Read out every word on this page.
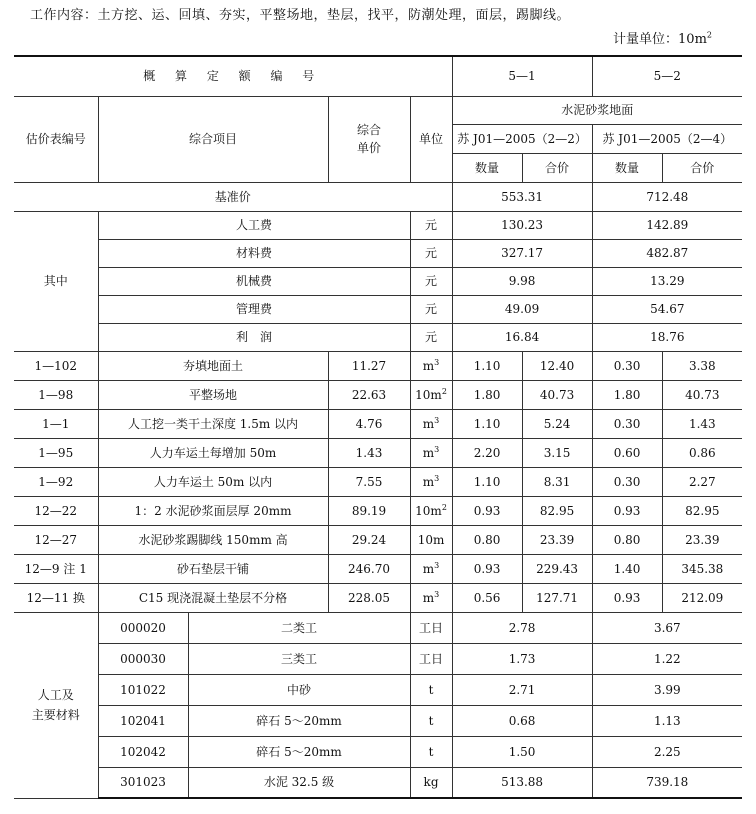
工作内容：土方挖、运、回填、夯实，平整场地，垫层，找平，防潮处理，面层，踢脚线。
计量单位：$10m^2$
概 算 定 额 编 号					5—1		5—2	
估价表编号	综合项目		综合单价	单位	水泥砂浆地面			
					苏 J01—2005（2—2）		苏 J01—2005（2—4）	
					数量	合价	数量	合价
基准价					553.31		712.48	
其中	人工费			元	130.23		142.89	
	材料费			元	327.17		482.87	
	机械费			元	9.98		13.29	
	管理费			元	49.09		54.67	
	利　润			元	16.84		18.76	
1—102	夯填地面土		11.27	$m^3$	1.10	12.40	0.30	3.38
1—98	平整场地		22.63	$10m^2$	1.80	40.73	1.80	40.73
1—1	人工挖一类干土深度 1.5m 以内		4.76	$m^3$	1.10	5.24	0.30	1.43
1—95	人力车运土每增加 50m		1.43	$m^3$	2.20	3.15	0.60	0.86
1—92	人力车运土 50m 以内		7.55	$m^3$	1.10	8.31	0.30	2.27
12—22	1：2 水泥砂浆面层厚 20mm		89.19	$10m^2$	0.93	82.95	0.93	82.95
12—27	水泥砂浆踢脚线 150mm 高		29.24	10m	0.80	23.39	0.80	23.39
12—9 注 1	砂石垫层干铺		246.70	$m^3$	0.93	229.43	1.40	345.38
12—11 换	C15 现浇混凝土垫层不分格		228.05	$m^3$	0.56	127.71	0.93	212.09

人工及
主要材料	000020	二类工		工日	2.78		3.67	
	000030	三类工		工日	1.73		1.22	
	101022	中砂		t	2.71		3.99	
	102041	碎石 5～20mm		t	0.68		1.13	
	102042	碎石 5～20mm		t	1.50		2.25	
	301023	水泥 32.5 级		kg	513.88		739.18	
